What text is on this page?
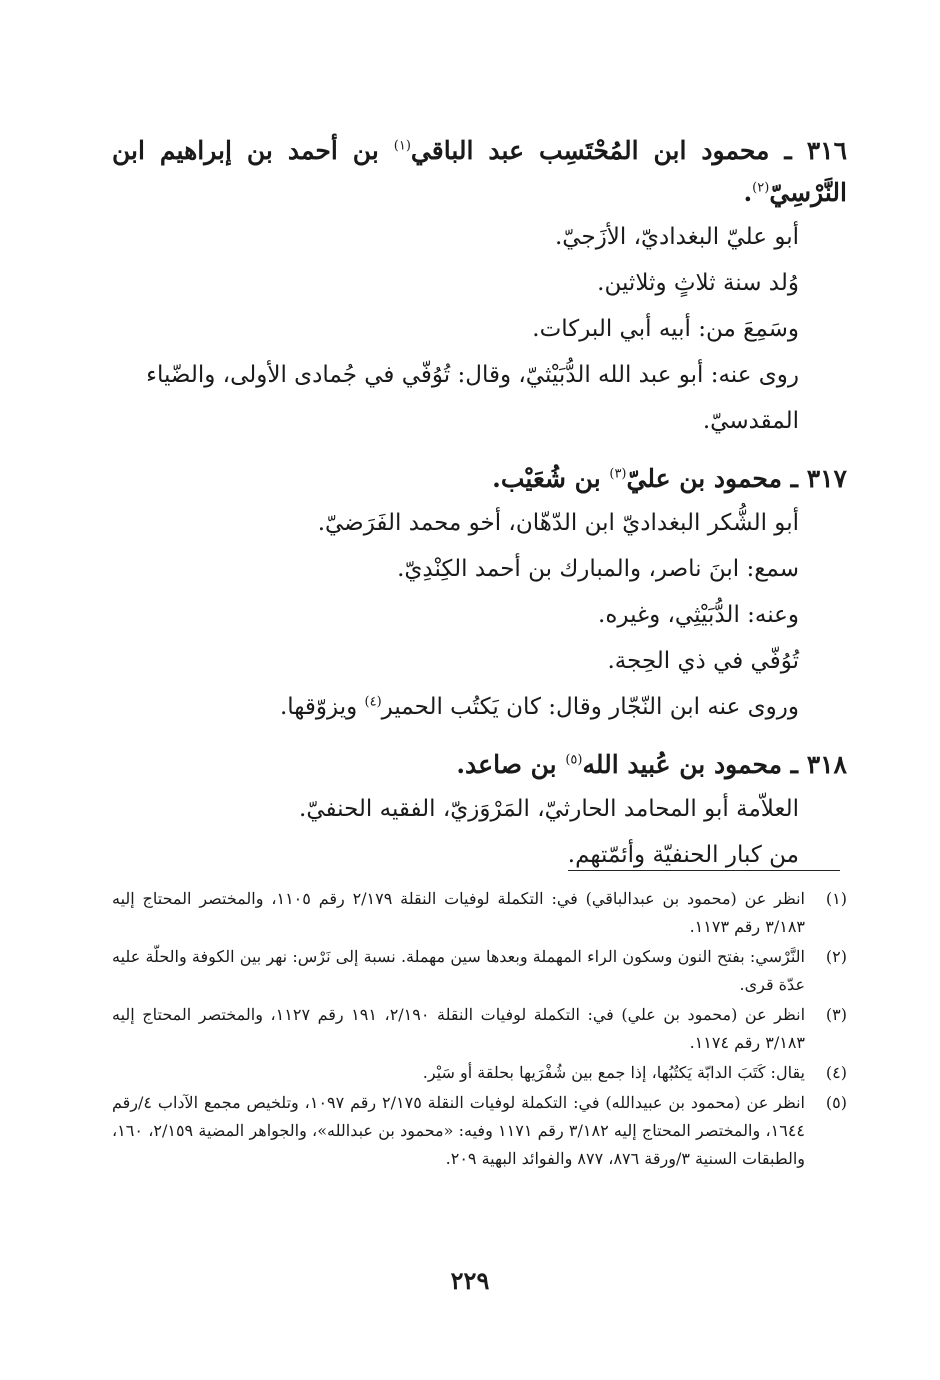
٣١٦ ـ محمود ابن المُحْتَسِب عبد الباقي$^{(١)}$ بن أحمد بن إبراهيم ابن النَّرْسِيّ$^{(٢)}$.
أبو عليّ البغداديّ، الأزَجيّ.
وُلد سنة ثلاثٍ وثلاثين.
وسَمِعَ من: أبيه أبي البركات.
روى عنه: أبو عبد الله الدُّبَيْثيّ، وقال: تُوُفّي في جُمادى الأولى، والضّياء المقدسيّ.
٣١٧ ـ محمود بن عليّ$^{(٣)}$ بن شُعَيْب.
أبو الشُّكر البغداديّ ابن الدّهّان، أخو محمد الفَرَضيّ.
سمع: ابنَ ناصر، والمبارك بن أحمد الكِنْدِيّ.
وعنه: الدُّبَيْثِي، وغيره.
تُوُفّي في ذي الحِجة.
وروى عنه ابن النّجّار وقال: كان يَكتُب الحمير$^{(٤)}$ ويزوّقها.
٣١٨ ـ محمود بن عُبيد الله$^{(٥)}$ بن صاعد.
العلاّمة أبو المحامد الحارثيّ، المَرْوَزيّ، الفقيه الحنفيّ.
من كبار الحنفيّة وأئمّتهم.
(١)
انظر عن (محمود بن عبدالباقي) في: التكملة لوفيات النقلة ٢/١٧٩ رقم ١١٠٥، والمختصر المحتاج إليه ٣/١٨٣ رقم ١١٧٣.
(٢)
النَّرْسي: بفتح النون وسكون الراء المهملة وبعدها سين مهملة. نسبة إلى نَرْس: نهر بين الكوفة والحلّة عليه عدّة قرى.
(٣)
انظر عن (محمود بن علي) في: التكملة لوفيات النقلة ٢/١٩٠، ١٩١ رقم ١١٢٧، والمختصر المحتاج إليه ٣/١٨٣ رقم ١١٧٤.
(٤)
يقال: كَتَبَ الدابّة يَكتُبُها، إذا جمع بين شُفْرَيها بحلقة أو سَيْر.
(٥)
انظر عن (محمود بن عبيدالله) في: التكملة لوفيات النقلة ٢/١٧٥ رقم ١٠٩٧، وتلخيص مجمع الآداب ٤/رقم ١٦٤٤، والمختصر المحتاج إليه ٣/١٨٢ رقم ١١٧١ وفيه: «محمود بن عبدالله»، والجواهر المضية ٢/١٥٩، ١٦٠، والطبقات السنية ٣/ورقة ٨٧٦، ٨٧٧ والفوائد البهية ٢٠٩.
٢٢٩
